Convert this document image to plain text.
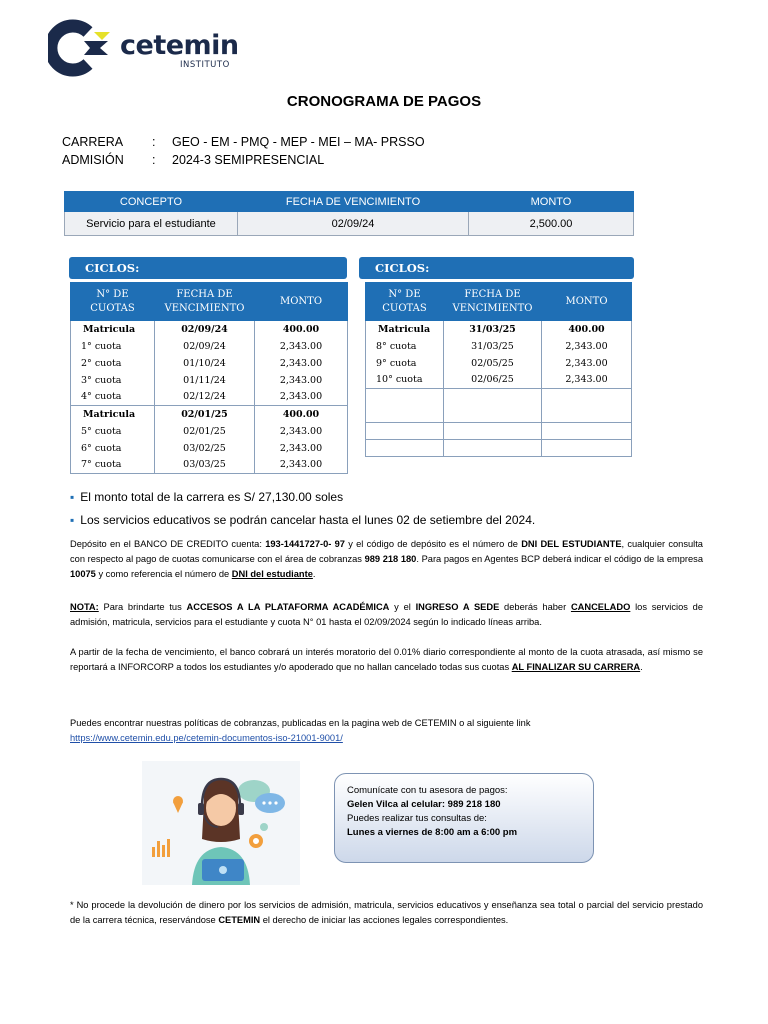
cetemin
INSTITUTO
CRONOGRAMA DE PAGOS
CARRERA : GEO - EM - PMQ - MEP - MEI – MA- PRSSO
ADMISIÓN : 2024-3 SEMIPRESENCIAL
CONCEPTO	FECHA DE VENCIMIENTO	MONTO
Servicio para el estudiante	02/09/24	2,500.00
CICLOS:
N° DE
CUOTAS	FECHA DE
VENCIMIENTO	MONTO
Matricula	02/09/24	400.00
1° cuota	02/09/24	2,343.00
2° cuota	01/10/24	2,343.00
3° cuota	01/11/24	2,343.00
4° cuota	02/12/24	2,343.00
Matricula	02/01/25	400.00
5° cuota	02/01/25	2,343.00
6° cuota	03/02/25	2,343.00
7° cuota	03/03/25	2,343.00
CICLOS:
N° DE
CUOTAS	FECHA DE
VENCIMIENTO	MONTO
Matricula	31/03/25	400.00
8° cuota	31/03/25	2,343.00
9° cuota	02/05/25	2,343.00
10° cuota	02/06/25	2,343.00

▪ El monto total de la carrera es S/ 27,130.00 soles
▪ Los servicios educativos se podrán cancelar hasta el lunes 02 de setiembre del 2024.
Depósito en el BANCO DE CREDITO cuenta: 193-1441727-0- 97 y el código de depósito es el número de DNI DEL ESTUDIANTE, cualquier consulta con respecto al pago de cuotas comunicarse con el área de cobranzas 989 218 180. Para pagos en Agentes BCP deberá indicar el código de la empresa 10075 y como referencia el número de DNI del estudiante.
NOTA: Para brindarte tus ACCESOS A LA PLATAFORMA ACADÉMICA y el INGRESO A SEDE deberás haber CANCELADO los servicios de admisión, matricula, servicios para el estudiante y cuota N° 01 hasta el 02/09/2024 según lo indicado líneas arriba.
A partir de la fecha de vencimiento, el banco cobrará un interés moratorio del 0.01% diario correspondiente al monto de la cuota atrasada, así mismo se reportará a INFORCORP a todos los estudiantes y/o apoderado que no hallan cancelado todas sus cuotas AL FINALIZAR SU CARRERA.
Puedes encontrar nuestras políticas de cobranzas, publicadas en la pagina web de CETEMIN o al siguiente link
https://www.cetemin.edu.pe/cetemin-documentos-iso-21001-9001/
Comunícate con tu asesora de pagos:
Gelen Vilca al celular: 989 218 180
Puedes realizar tus consultas de:
Lunes a viernes de 8:00 am a 6:00 pm
* No procede la devolución de dinero por los servicios de admisión, matricula, servicios educativos y enseñanza sea total o parcial del servicio prestado de la carrera técnica, reservándose CETEMIN el derecho de iniciar las acciones legales correspondientes.
